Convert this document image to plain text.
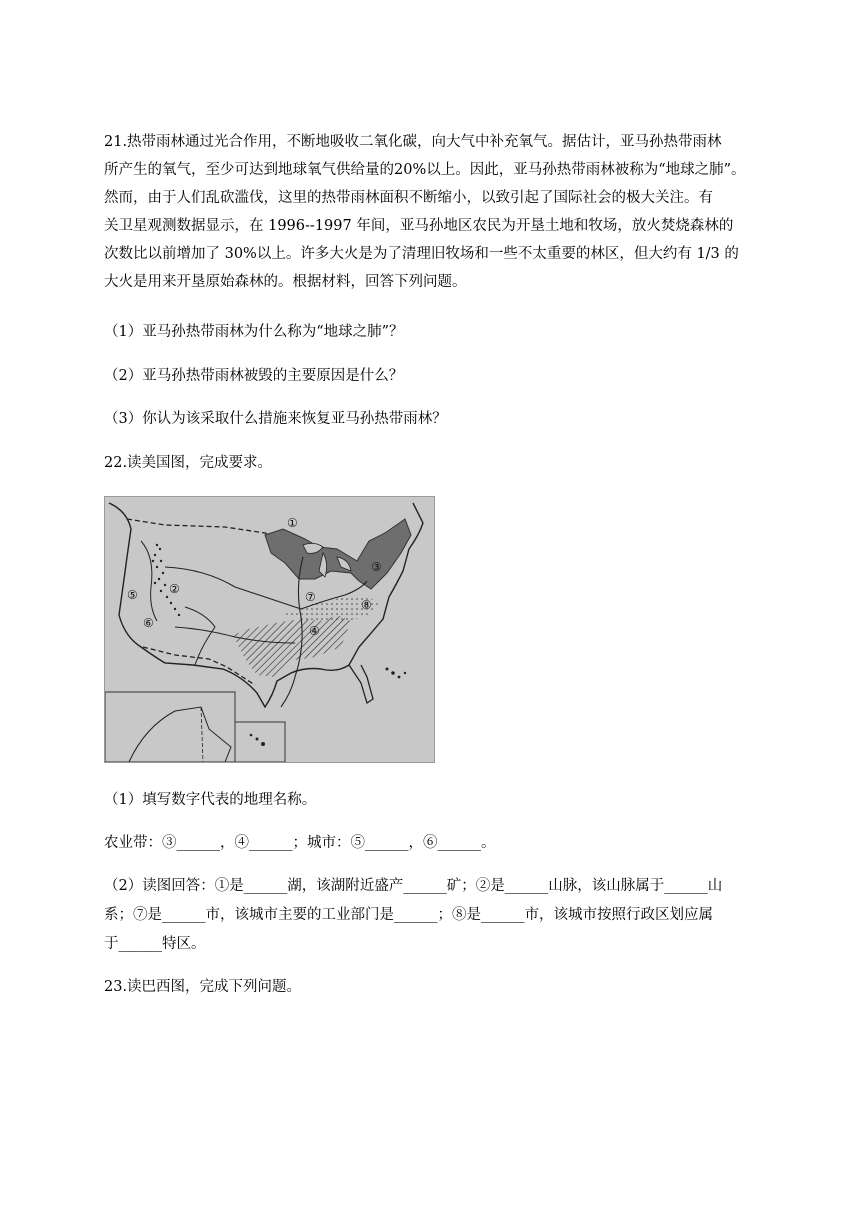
21.热带雨林通过光合作用，不断地吸收二氧化碳，向大气中补充氧气。据估计，亚马孙热带雨林
所产生的氧气，至少可达到地球氧气供给量的20%以上。因此，亚马孙热带雨林被称为“地球之肺”。
然而，由于人们乱砍滥伐，这里的热带雨林面积不断缩小，以致引起了国际社会的极大关注。有
关卫星观测数据显示，在 1996--1997 年间，亚马孙地区农民为开垦土地和牧场，放火焚烧森林的
次数比以前增加了 30%以上。许多大火是为了清理旧牧场和一些不太重要的林区，但大约有 1/3 的
大火是用来开垦原始森林的。根据材料，回答下列问题。
（1）亚马孙热带雨林为什么称为“地球之肺”？
（2）亚马孙热带雨林被毁的主要原因是什么？
（3）你认为该采取什么措施来恢复亚马孙热带雨林？
22.读美国图，完成要求。
①
②
③
④
⑤
⑥
⑦
⑧
（1）填写数字代表的地理名称。
农业带：③______，④______；城市：⑤______，⑥______。
（2）读图回答：①是______湖，该湖附近盛产______矿；②是______山脉，该山脉属于______山
系；⑦是______市，该城市主要的工业部门是______；⑧是______市，该城市按照行政区划应属
于______特区。
23.读巴西图，完成下列问题。
